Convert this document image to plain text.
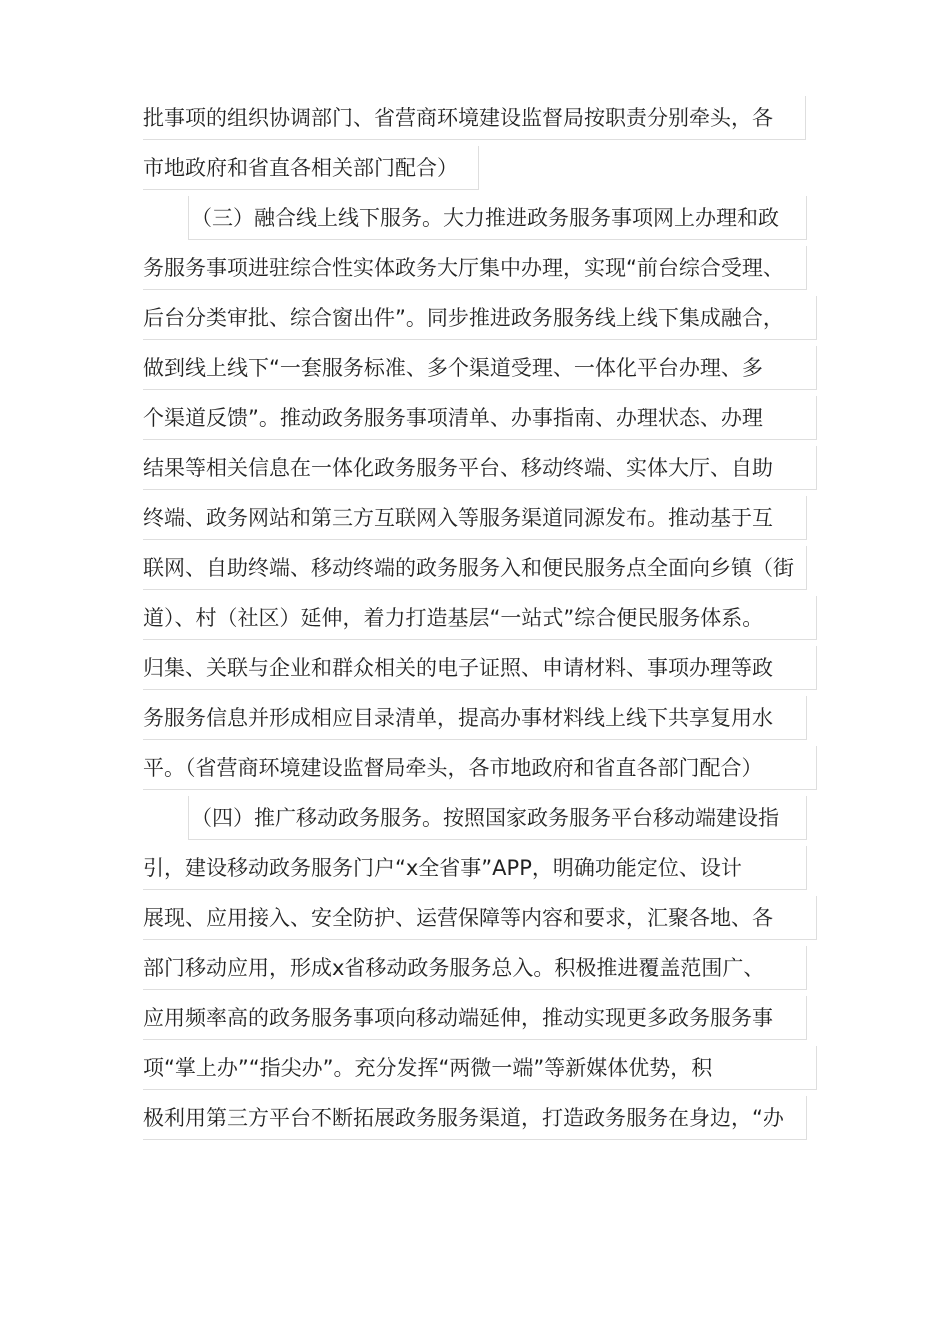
批事项的组织协调部门、省营商环境建设监督局按职责分别牵头，各
市地政府和省直各相关部门配合）
（三）融合线上线下服务。大力推进政务服务事项网上办理和政
务服务事项进驻综合性实体政务大厅集中办理，实现“前台综合受理、
后台分类审批、综合窗出件”。同步推进政务服务线上线下集成融合，
做到线上线下“一套服务标准、多个渠道受理、一体化平台办理、多
个渠道反馈”。推动政务服务事项清单、办事指南、办理状态、办理
结果等相关信息在一体化政务服务平台、移动终端、实体大厅、自助
终端、政务网站和第三方互联网入等服务渠道同源发布。推动基于互
联网、自助终端、移动终端的政务服务入和便民服务点全面向乡镇（街
道）、村（社区）延伸，着力打造基层“一站式”综合便民服务体系。
归集、关联与企业和群众相关的电子证照、申请材料、事项办理等政
务服务信息并形成相应目录清单，提高办事材料线上线下共享复用水
平。（省营商环境建设监督局牵头，各市地政府和省直各部门配合）
（四）推广移动政务服务。按照国家政务服务平台移动端建设指
引，建设移动政务服务门户“x全省事”APP，明确功能定位、设计
展现、应用接入、安全防护、运营保障等内容和要求，汇聚各地、各
部门移动应用，形成x省移动政务服务总入。积极推进覆盖范围广、
应用频率高的政务服务事项向移动端延伸，推动实现更多政务服务事
项“掌上办”“指尖办”。充分发挥“两微一端”等新媒体优势，积
极利用第三方平台不断拓展政务服务渠道，打造政务服务在身边，“办
